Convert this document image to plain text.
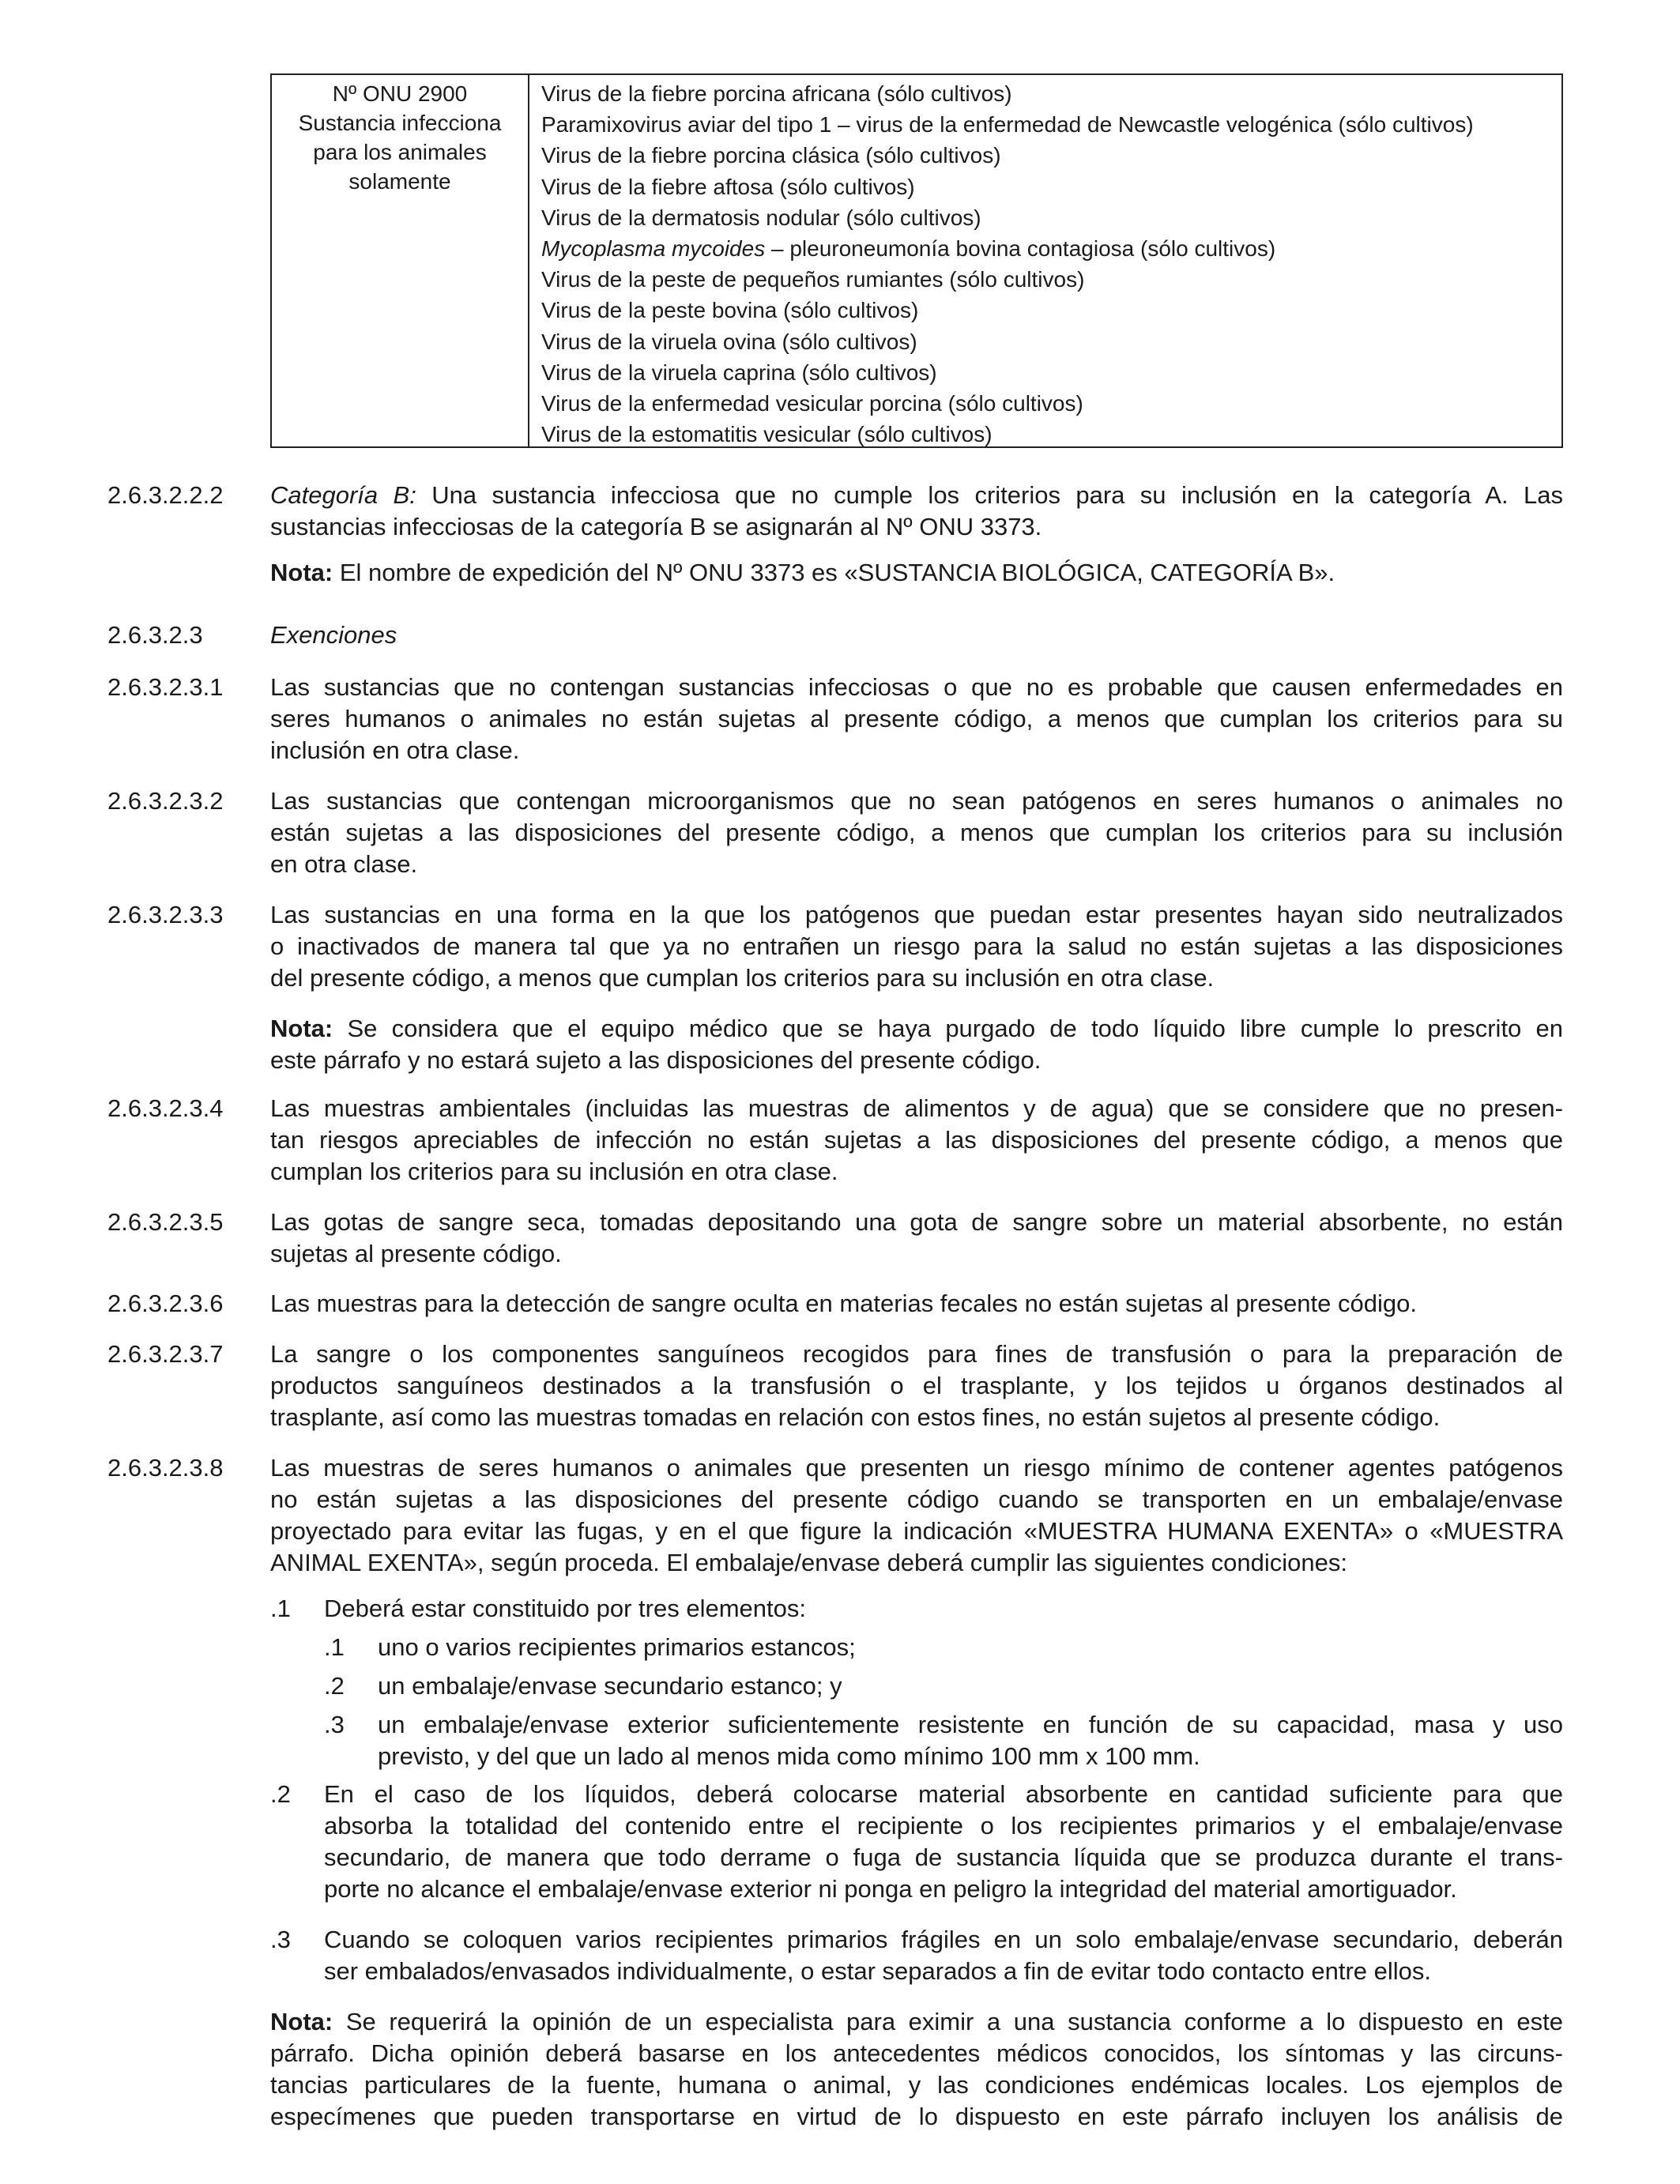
Nº ONU 2900
Sustancia infecciona
para los animales
solamente
Virus de la fiebre porcina africana (sólo cultivos)
Paramixovirus aviar del tipo 1 – virus de la enfermedad de Newcastle velogénica (sólo cultivos)
Virus de la fiebre porcina clásica (sólo cultivos)
Virus de la fiebre aftosa (sólo cultivos)
Virus de la dermatosis nodular (sólo cultivos)
Mycoplasma mycoides – pleuroneumonía bovina contagiosa (sólo cultivos)
Virus de la peste de pequeños rumiantes (sólo cultivos)
Virus de la peste bovina (sólo cultivos)
Virus de la viruela ovina (sólo cultivos)
Virus de la viruela caprina (sólo cultivos)
Virus de la enfermedad vesicular porcina (sólo cultivos)
Virus de la estomatitis vesicular (sólo cultivos)
2.6.3.2.2.2 Categoría B: Una sustancia infecciosa que no cumple los criterios para su inclusión en la categoría A. Las
sustancias infecciosas de la categoría B se asignarán al Nº ONU 3373.

Nota: El nombre de expedición del Nº ONU 3373 es «SUSTANCIA BIOLÓGICA, CATEGORÍA B».

2.6.3.2.3	Exenciones

2.6.3.2.3.1 Las sustancias que no contengan sustancias infecciosas o que no es probable que causen enfermedades en
seres humanos o animales no están sujetas al presente código, a menos que cumplan los criterios para su
inclusión en otra clase.

2.6.3.2.3.2 Las sustancias que contengan microorganismos que no sean patógenos en seres humanos o animales no
están sujetas a las disposiciones del presente código, a menos que cumplan los criterios para su inclusión
en otra clase.

2.6.3.2.3.3 Las sustancias en una forma en la que los patógenos que puedan estar presentes hayan sido neutralizados
o inactivados de manera tal que ya no entrañen un riesgo para la salud no están sujetas a las disposiciones
del presente código, a menos que cumplan los criterios para su inclusión en otra clase.

Nota: Se considera que el equipo médico que se haya purgado de todo líquido libre cumple lo prescrito en
este párrafo y no estará sujeto a las disposiciones del presente código.

2.6.3.2.3.4 Las muestras ambientales (incluidas las muestras de alimentos y de agua) que se considere que no presen-
tan riesgos apreciables de infección no están sujetas a las disposiciones del presente código, a menos que
cumplan los criterios para su inclusión en otra clase.

2.6.3.2.3.5 Las gotas de sangre seca, tomadas depositando una gota de sangre sobre un material absorbente, no están
sujetas al presente código.

2.6.3.2.3.6 Las muestras para la detección de sangre oculta en materias fecales no están sujetas al presente código.

2.6.3.2.3.7 La sangre o los componentes sanguíneos recogidos para fines de transfusión o para la preparación de
productos sanguíneos destinados a la transfusión o el trasplante, y los tejidos u órganos destinados al
trasplante, así como las muestras tomadas en relación con estos fines, no están sujetos al presente código.

2.6.3.2.3.8 Las muestras de seres humanos o animales que presenten un riesgo mínimo de contener agentes patógenos
no están sujetas a las disposiciones del presente código cuando se transporten en un embalaje/envase
proyectado para evitar las fugas, y en el que figure la indicación «MUESTRA HUMANA EXENTA» o «MUESTRA
ANIMAL EXENTA», según proceda. El embalaje/envase deberá cumplir las siguientes condiciones:

.1 Deberá estar constituido por tres elementos:

.1 uno o varios recipientes primarios estancos;

.2 un embalaje/envase secundario estanco; y

.3 un embalaje/envase exterior suficientemente resistente en función de su capacidad, masa y uso
previsto, y del que un lado al menos mida como mínimo 100 mm x 100 mm.

.2 En el caso de los líquidos, deberá colocarse material absorbente en cantidad suficiente para que
absorba la totalidad del contenido entre el recipiente o los recipientes primarios y el embalaje/envase
secundario, de manera que todo derrame o fuga de sustancia líquida que se produzca durante el trans-
porte no alcance el embalaje/envase exterior ni ponga en peligro la integridad del material amortiguador.

.3 Cuando se coloquen varios recipientes primarios frágiles en un solo embalaje/envase secundario, deberán
ser embalados/envasados individualmente, o estar separados a fin de evitar todo contacto entre ellos.

Nota: Se requerirá la opinión de un especialista para eximir a una sustancia conforme a lo dispuesto en este
párrafo. Dicha opinión deberá basarse en los antecedentes médicos conocidos, los síntomas y las circuns-
tancias particulares de la fuente, humana o animal, y las condiciones endémicas locales. Los ejemplos de
especímenes que pueden transportarse en virtud de lo dispuesto en este párrafo incluyen los análisis de
